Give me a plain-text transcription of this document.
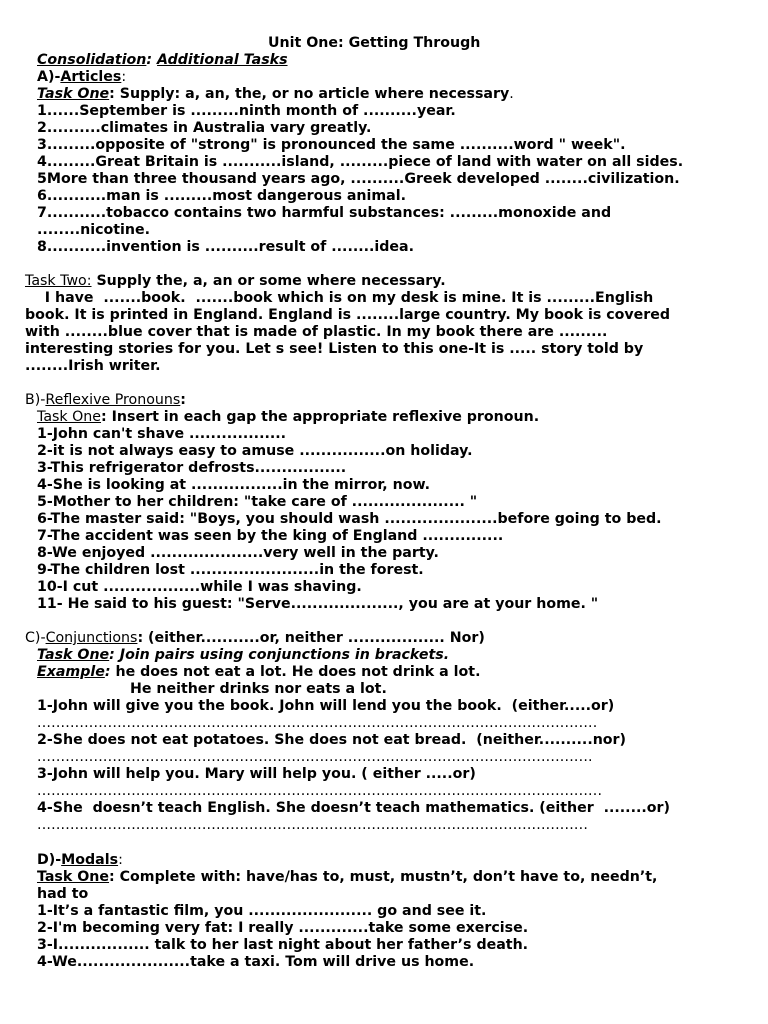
Unit One: Getting Through
Consolidation: Additional Tasks
A)-Articles:
Task One: Supply: a, an, the, or no article where necessary.
1......September is .........ninth month of ..........year.
2..........climates in Australia vary greatly.
3.........opposite of "strong" is pronounced the same ..........word " week".
4.........Great Britain is ...........island, .........piece of land with water on all sides.
5More than three thousand years ago, ..........Greek developed ........civilization.
6...........man is .........most dangerous animal.
7...........tobacco contains two harmful substances: .........monoxide and
........nicotine.
8...........invention is ..........result of ........idea.
Task Two: Supply the, a, an or some where necessary.
I have  .......book.  .......book which is on my desk is mine. It is .........English
book. It is printed in England. England is ........large country. My book is covered
with ........blue cover that is made of plastic. In my book there are .........
interesting stories for you. Let s see! Listen to this one-It is ..... story told by
........Irish writer.
B)-Reflexive Pronouns:
Task One: Insert in each gap the appropriate reflexive pronoun.
1-John can't shave ..................
2-it is not always easy to amuse ................on holiday.
3-This refrigerator defrosts.................
4-She is looking at .................in the mirror, now.
5-Mother to her children: "take care of ..................... "
6-The master said: "Boys, you should wash .....................before going to bed.
7-The accident was seen by the king of England ...............
8-We enjoyed .....................very well in the party.
9-The children lost ........................in the forest.
10-I cut ..................while I was shaving.
11- He said to his guest: "Serve...................., you are at your home. "
C)-Conjunctions: (either...........or, neither .................. Nor)
Task One: Join pairs using conjunctions in brackets.
Example: he does not eat a lot. He does not drink a lot.
He neither drinks nor eats a lot.
1-John will give you the book. John will lend you the book.  (either.....or)
.......................................................................................................................
2-She does not eat potatoes. She does not eat bread.  (neither..........nor)
......................................................................................................................
3-John will help you. Mary will help you. ( either .....or)
........................................................................................................................
4-She  doesn’t teach English. She doesn’t teach mathematics. (either  ........or)
.....................................................................................................................
D)-Modals:
Task One: Complete with: have/has to, must, mustn’t, don’t have to, needn’t,
had to
1-It’s a fantastic film, you ....................... go and see it.
2-I'm becoming very fat: I really .............take some exercise.
3-I................. talk to her last night about her father’s death.
4-We.....................take a taxi. Tom will drive us home.
